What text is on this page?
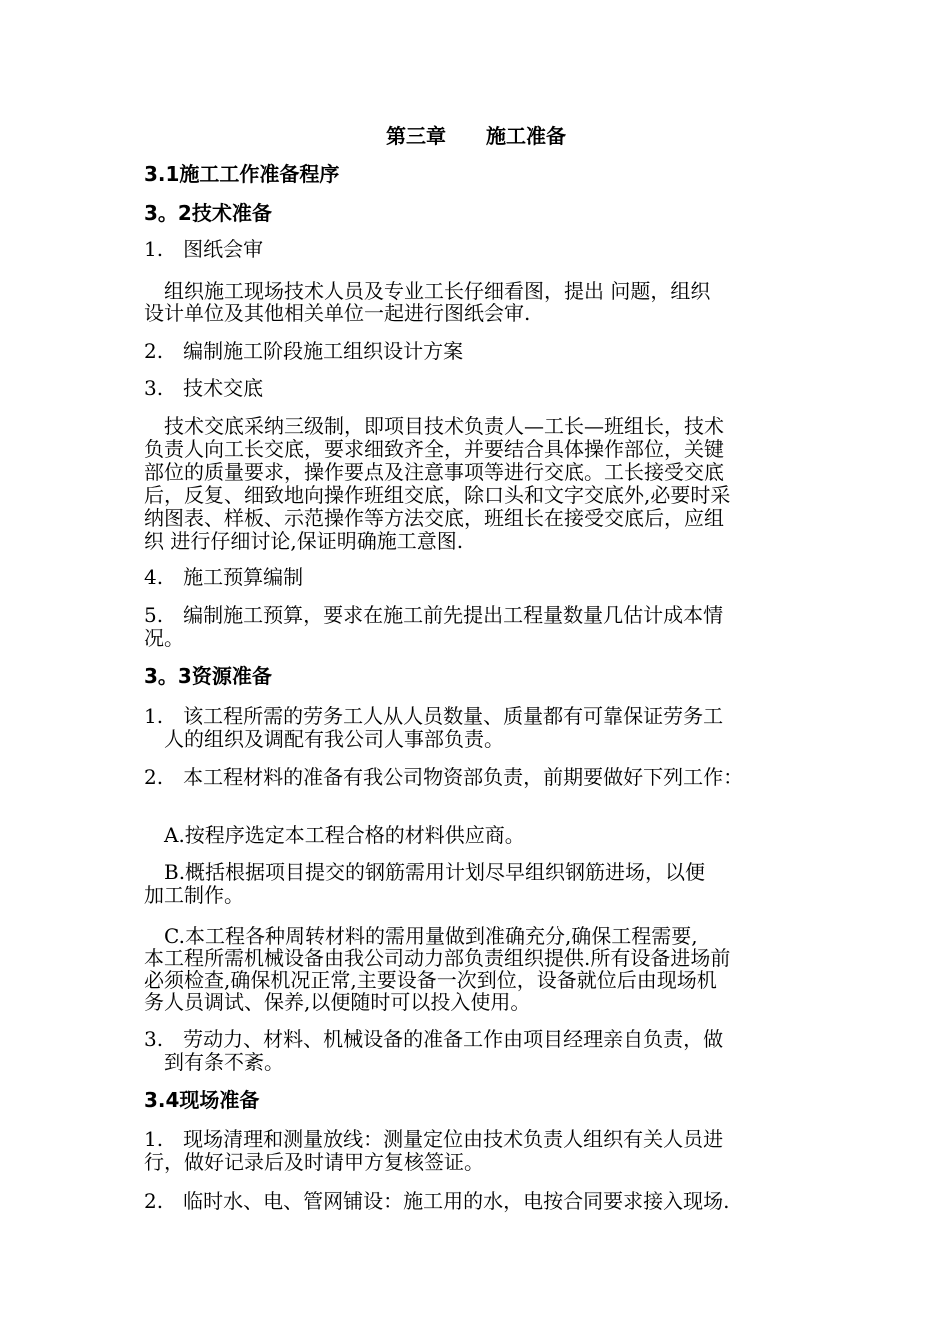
第三章　　施工准备

3.1施工工作准备程序

3。2技术准备

1.　图纸会审

　组织施工现场技术人员及专业工长仔细看图，提出 问题，组织

设计单位及其他相关单位一起进行图纸会审.

2.　编制施工阶段施工组织设计方案

3.　技术交底

　技术交底采纳三级制，即项目技术负责人—工长—班组长，技术

负责人向工长交底，要求细致齐全，并要结合具体操作部位，关键

部位的质量要求，操作要点及注意事项等进行交底。工长接受交底

后，反复、细致地向操作班组交底，除口头和文字交底外,必要时采

纳图表、样板、示范操作等方法交底，班组长在接受交底后，应组

织 进行仔细讨论,保证明确施工意图.

4.　施工预算编制

5.　编制施工预算，要求在施工前先提出工程量数量几估计成本情

况。

3。3资源准备

1.　该工程所需的劳务工人从人员数量、质量都有可靠保证劳务工

　人的组织及调配有我公司人事部负责。

2.　本工程材料的准备有我公司物资部负责，前期要做好下列工作：

　A.按程序选定本工程合格的材料供应商。

　B.概括根据项目提交的钢筋需用计划尽早组织钢筋进场，以便

加工制作。

　C.本工程各种周转材料的需用量做到准确充分,确保工程需要,

本工程所需机械设备由我公司动力部负责组织提供.所有设备进场前

必须检查,确保机况正常,主要设备一次到位，设备就位后由现场机

务人员调试、保养,以便随时可以投入使用。

3.　劳动力、材料、机械设备的准备工作由项目经理亲自负责，做

　到有条不紊。

3.4现场准备

1.　现场清理和测量放线：测量定位由技术负责人组织有关人员进

行，做好记录后及时请甲方复核签证。

2.　临时水、电、管网铺设：施工用的水，电按合同要求接入现场.
